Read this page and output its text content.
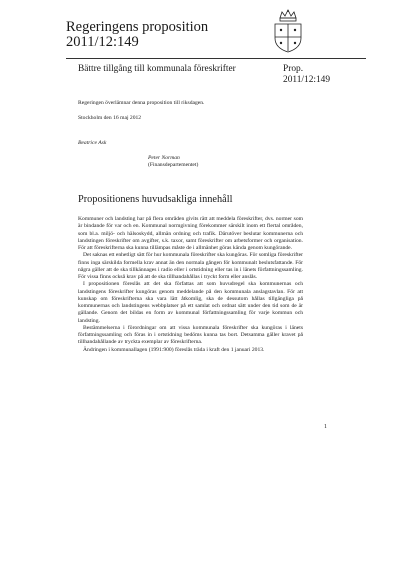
Regeringens proposition
2011/12:149
Bättre tillgång till kommunala föreskrifter	Prop.
2011/12:149
Regeringen överlämnar denna proposition till riksdagen.
Stockholm den 16 maj 2012
Beatrice Ask
Peter Norman
(Finansdepartementet)
Propositionens huvudsakliga innehåll

Kommuner och landsting har på flera områden givits rätt att meddela föreskrifter, dvs. normer som är bindande för var och en. Kommunal normgivning förekommer särskilt inom ett flertal områden, som bl.a. miljö- och hälsoskydd, allmän ordning och trafik. Därutöver beslutar kommunerna och landstingen föreskrifter om avgifter, s.k. taxor, samt föreskrifter om arbetsformer och organisation. För att föreskrifterna ska kunna tillämpas måste de i allmänhet göras kända genom kungörande.

Det saknas ett enhetligt sätt för hur kommunala föreskrifter ska kungöras. För somliga föreskrifter finns inga särskilda formella krav annat än den normala gången för kommunalt beslutsfattande. För några gäller att de ska tillkännages i radio eller i ortstidning eller tas in i länets författningssamling. För vissa finns också krav på att de ska tillhandahållas i tryckt form eller anslås.

I propositionen föreslås att det ska författas att som huvudregel ska kommunernas och landstingens föreskrifter kungöras genom meddelande på den kommunala anslagstavlan. För att kunskap om föreskrifterna ska vara lätt åtkomlig, ska de dessutom hållas tillgängliga på kommunernas och landstingens webbplatser på ett samlat och ordnat sätt under den tid som de är gällande. Genom det bildas en form av kommunal författningssamling för varje kommun och landsting.

Bestämmelserna i förordningar om att vissa kommunala föreskrifter ska kungöras i länets författningssamling och föras in i ortstidning bedöms kunna tas bort. Detsamma gäller kravet på tillhandahållande av tryckta exemplar av föreskrifterna.

Ändringen i kommunallagen (1991:900) föreslås träda i kraft den 1 januari 2013.

1
